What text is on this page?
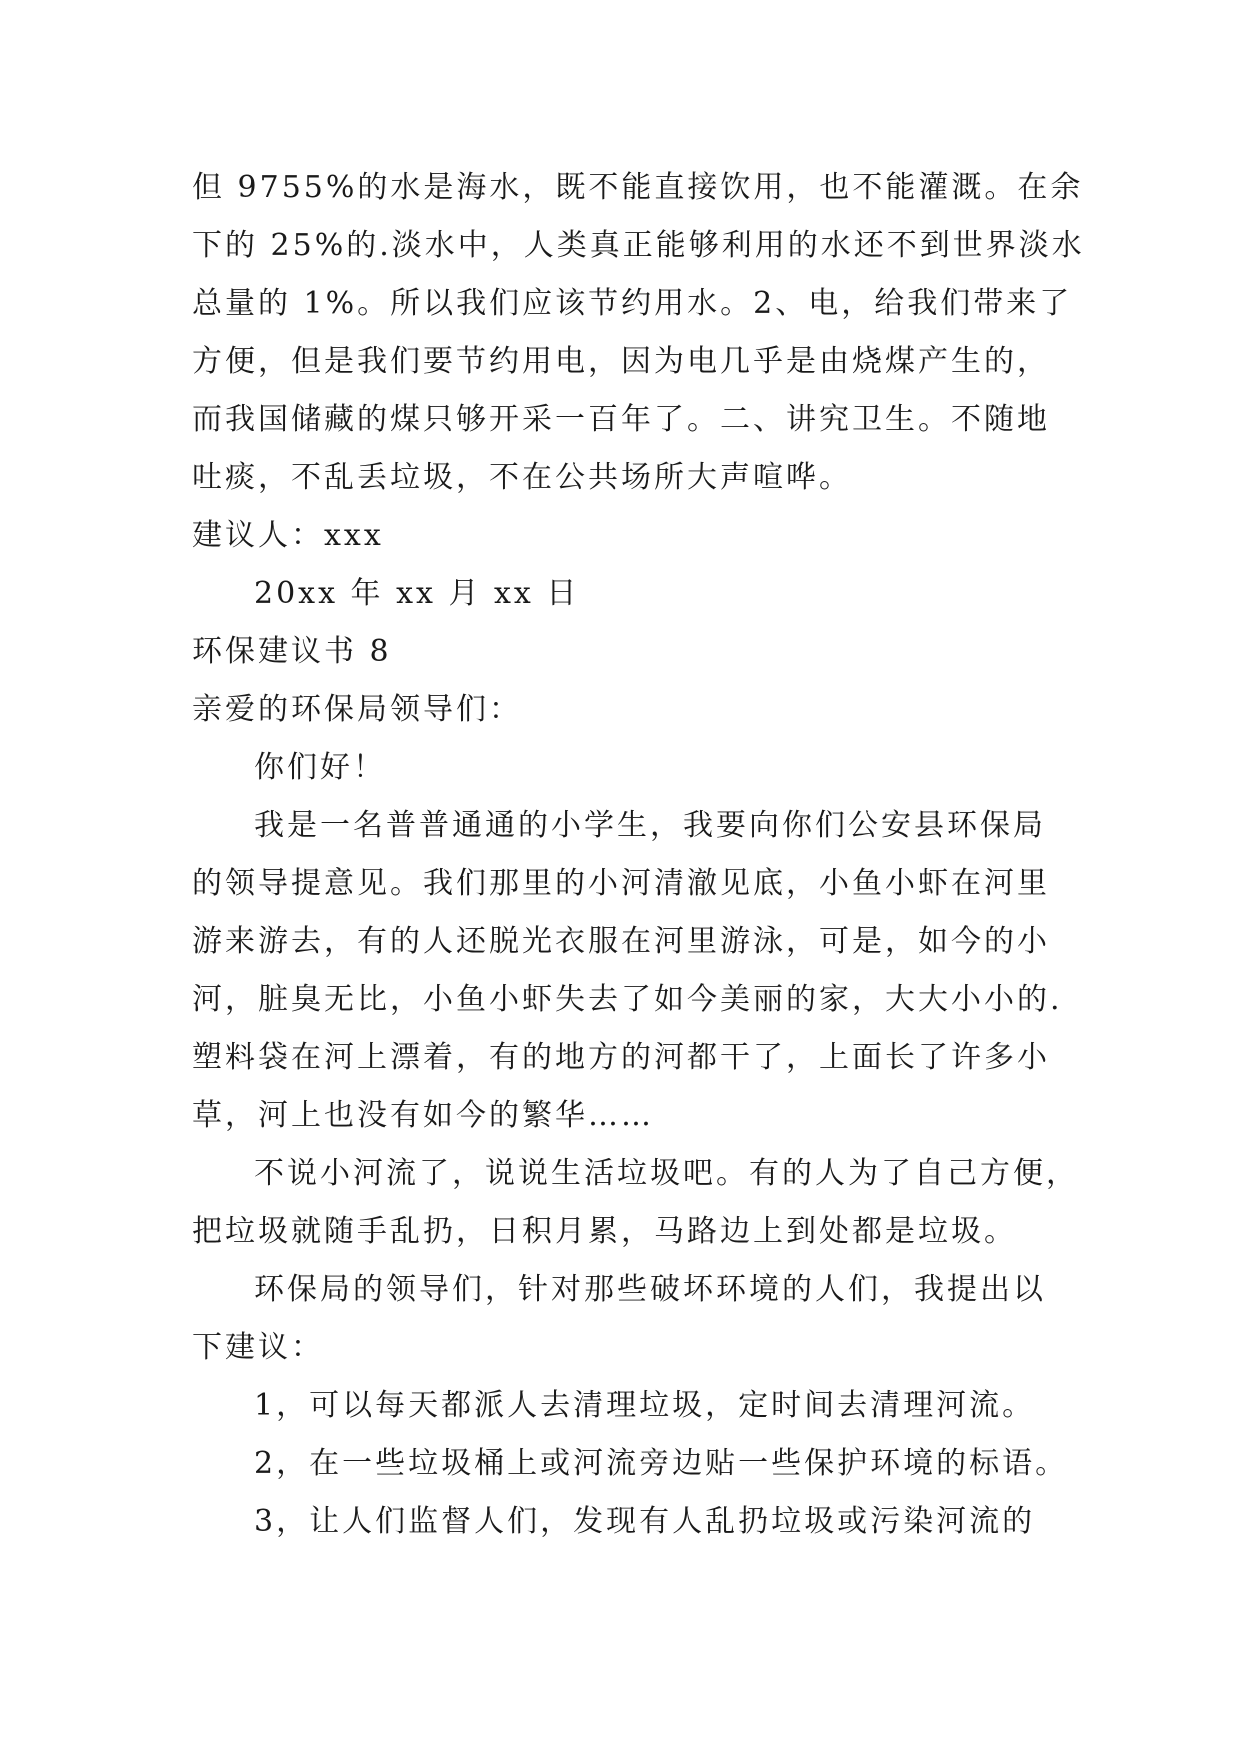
但 9755%的水是海水，既不能直接饮用，也不能灌溉。在余
下的 25%的.淡水中，人类真正能够利用的水还不到世界淡水
总量的 1%。所以我们应该节约用水。2、电，给我们带来了
方便，但是我们要节约用电，因为电几乎是由烧煤产生的，
而我国储藏的煤只够开采一百年了。二、讲究卫生。不随地
吐痰，不乱丢垃圾，不在公共场所大声喧哗。
建议人：xxx
20xx 年 xx 月 xx 日
环保建议书 8
亲爱的环保局领导们：
你们好！
我是一名普普通通的小学生，我要向你们公安县环保局
的领导提意见。我们那里的小河清澈见底，小鱼小虾在河里
游来游去，有的人还脱光衣服在河里游泳，可是，如今的小
河，脏臭无比，小鱼小虾失去了如今美丽的家，大大小小的.
塑料袋在河上漂着，有的地方的河都干了，上面长了许多小
草，河上也没有如今的繁华……
不说小河流了，说说生活垃圾吧。有的人为了自己方便，
把垃圾就随手乱扔，日积月累，马路边上到处都是垃圾。
环保局的领导们，针对那些破坏环境的人们，我提出以
下建议：
1，可以每天都派人去清理垃圾，定时间去清理河流。
2，在一些垃圾桶上或河流旁边贴一些保护环境的标语。
3，让人们监督人们，发现有人乱扔垃圾或污染河流的
